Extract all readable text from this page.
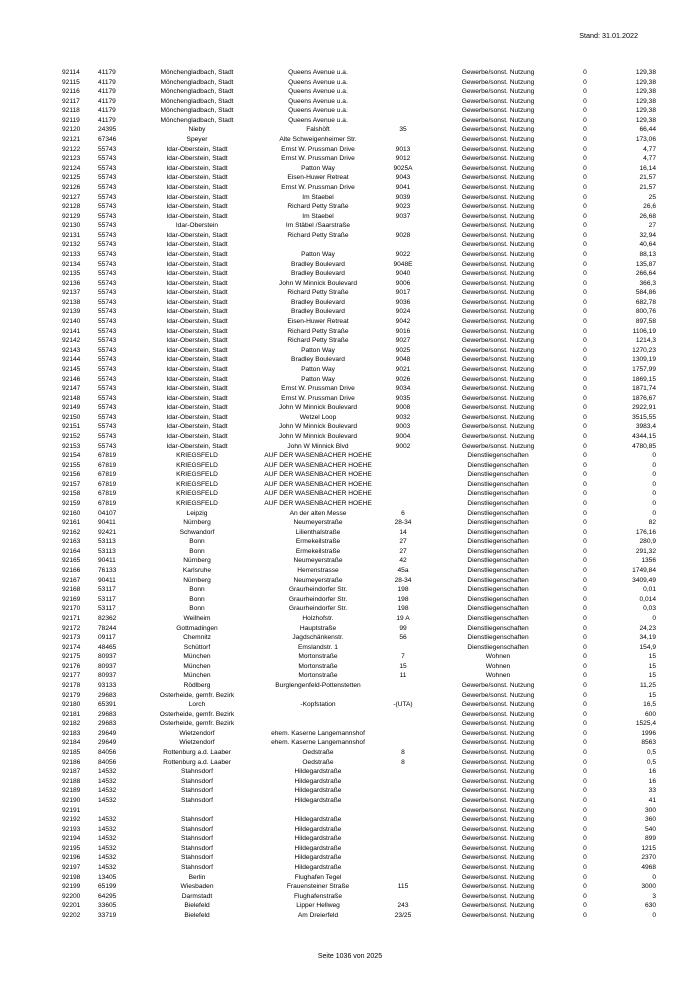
Stand: 31.01.2022
92114	41179	Mönchengladbach, Stadt	Queens Avenue u.a.		Gewerbe/sonst. Nutzung	0	129,38
92115	41179	Mönchengladbach, Stadt	Queens Avenue u.a.		Gewerbe/sonst. Nutzung	0	129,38
92116	41179	Mönchengladbach, Stadt	Queens Avenue u.a.		Gewerbe/sonst. Nutzung	0	129,38
92117	41179	Mönchengladbach, Stadt	Queens Avenue u.a.		Gewerbe/sonst. Nutzung	0	129,38
92118	41179	Mönchengladbach, Stadt	Queens Avenue u.a.		Gewerbe/sonst. Nutzung	0	129,38
92119	41179	Mönchengladbach, Stadt	Queens Avenue u.a.		Gewerbe/sonst. Nutzung	0	129,38
92120	24395	Nieby	Falshöft	35	Gewerbe/sonst. Nutzung	0	66,44
92121	67346	Speyer	Alte Schweigenheimer Str.		Gewerbe/sonst. Nutzung	0	173,06
92122	55743	Idar-Oberstein, Stadt	Ernst W. Prussman Drive	9013	Gewerbe/sonst. Nutzung	0	4,77
92123	55743	Idar-Oberstein, Stadt	Ernst W. Prussman Drive	9012	Gewerbe/sonst. Nutzung	0	4,77
92124	55743	Idar-Oberstein, Stadt	Patton Way	9025A	Gewerbe/sonst. Nutzung	0	16,14
92125	55743	Idar-Oberstein, Stadt	Eisen-Huwer Retreat	9043	Gewerbe/sonst. Nutzung	0	21,57
92126	55743	Idar-Oberstein, Stadt	Ernst W. Prussman Drive	9041	Gewerbe/sonst. Nutzung	0	21,57
92127	55743	Idar-Oberstein, Stadt	Im Staebel	9039	Gewerbe/sonst. Nutzung	0	25
92128	55743	Idar-Oberstein, Stadt	Richard Petty Straße	9023	Gewerbe/sonst. Nutzung	0	26,6
92129	55743	Idar-Oberstein, Stadt	Im Staebel	9037	Gewerbe/sonst. Nutzung	0	26,68
92130	55743	Idar-Oberstein	Im Stäbel /Saarstraße		Gewerbe/sonst. Nutzung	0	27
92131	55743	Idar-Oberstein, Stadt	Richard Petty Straße	9028	Gewerbe/sonst. Nutzung	0	32,94
92132	55743	Idar-Oberstein, Stadt			Gewerbe/sonst. Nutzung	0	40,64
92133	55743	Idar-Oberstein, Stadt	Patton Way	9022	Gewerbe/sonst. Nutzung	0	88,13
92134	55743	Idar-Oberstein, Stadt	Bradley Boulevard	9048E	Gewerbe/sonst. Nutzung	0	135,87
92135	55743	Idar-Oberstein, Stadt	Bradley Boulevard	9040	Gewerbe/sonst. Nutzung	0	266,64
92136	55743	Idar-Oberstein, Stadt	John W Minnick Boulevard	9006	Gewerbe/sonst. Nutzung	0	366,3
92137	55743	Idar-Oberstein, Stadt	Richard Petty Straße	9017	Gewerbe/sonst. Nutzung	0	584,86
92138	55743	Idar-Oberstein, Stadt	Bradley Boulevard	9036	Gewerbe/sonst. Nutzung	0	682,78
92139	55743	Idar-Oberstein, Stadt	Bradley Boulevard	9024	Gewerbe/sonst. Nutzung	0	800,76
92140	55743	Idar-Oberstein, Stadt	Eisen-Huwer Retreat	9042	Gewerbe/sonst. Nutzung	0	897,58
92141	55743	Idar-Oberstein, Stadt	Richard Petty Straße	9016	Gewerbe/sonst. Nutzung	0	1106,19
92142	55743	Idar-Oberstein, Stadt	Richard Petty Straße	9027	Gewerbe/sonst. Nutzung	0	1214,3
92143	55743	Idar-Oberstein, Stadt	Patton Way	9025	Gewerbe/sonst. Nutzung	0	1270,23
92144	55743	Idar-Oberstein, Stadt	Bradley Boulevard	9048	Gewerbe/sonst. Nutzung	0	1309,19
92145	55743	Idar-Oberstein, Stadt	Patton Way	9021	Gewerbe/sonst. Nutzung	0	1757,99
92146	55743	Idar-Oberstein, Stadt	Patton Way	9026	Gewerbe/sonst. Nutzung	0	1869,15
92147	55743	Idar-Oberstein, Stadt	Ernst W. Prussman Drive	9034	Gewerbe/sonst. Nutzung	0	1871,74
92148	55743	Idar-Oberstein, Stadt	Ernst W. Prussman Drive	9035	Gewerbe/sonst. Nutzung	0	1876,67
92149	55743	Idar-Oberstein, Stadt	John W Minnick Boulevard	9008	Gewerbe/sonst. Nutzung	0	2922,91
92150	55743	Idar-Oberstein, Stadt	Wetzel Loop	9032	Gewerbe/sonst. Nutzung	0	3515,55
92151	55743	Idar-Oberstein, Stadt	John W Minnick Boulevard	9003	Gewerbe/sonst. Nutzung	0	3983,4
92152	55743	Idar-Oberstein, Stadt	John W Minnick Boulevard	9004	Gewerbe/sonst. Nutzung	0	4344,15
92153	55743	Idar-Oberstein, Stadt	John W Minnick Blvd	9002	Gewerbe/sonst. Nutzung	0	4780,85
92154	67819	KRIEGSFELD	AUF DER WASENBACHER HOEHE		Dienstliegenschaften	0	0
92155	67819	KRIEGSFELD	AUF DER WASENBACHER HOEHE		Dienstliegenschaften	0	0
92156	67819	KRIEGSFELD	AUF DER WASENBACHER HOEHE		Dienstliegenschaften	0	0
92157	67819	KRIEGSFELD	AUF DER WASENBACHER HOEHE		Dienstliegenschaften	0	0
92158	67819	KRIEGSFELD	AUF DER WASENBACHER HOEHE		Dienstliegenschaften	0	0
92159	67819	KRIEGSFELD	AUF DER WASENBACHER HOEHE		Dienstliegenschaften	0	0
92160	04107	Leipzig	An der alten Messe	6	Dienstliegenschaften	0	0
92161	90411	Nürnberg	Neumeyerstraße	28-34	Dienstliegenschaften	0	82
92162	92421	Schwandorf	Lilienthalstraße	14	Dienstliegenschaften	0	176,16
92163	53113	Bonn	Ermekeilstraße	27	Dienstliegenschaften	0	280,9
92164	53113	Bonn	Ermekeilstraße	27	Dienstliegenschaften	0	291,32
92165	90411	Nürnberg	Neumeyerstraße	42	Dienstliegenschaften	0	1356
92166	76133	Karlsruhe	Herrenstrasse	45a	Dienstliegenschaften	0	1749,84
92167	90411	Nürnberg	Neumeyerstraße	28-34	Dienstliegenschaften	0	3409,49
92168	53117	Bonn	Graurheindorfer Str.	198	Dienstliegenschaften	0	0,01
92169	53117	Bonn	Graurheindorfer Str.	198	Dienstliegenschaften	0	0,014
92170	53117	Bonn	Graurheindorfer Str.	198	Dienstliegenschaften	0	0,03
92171	82362	Weilheim	Holzhofstr.	19 A	Dienstliegenschaften	0	0
92172	78244	Gottmadingen	Hauptstraße	99	Dienstliegenschaften	0	24,23
92173	09117	Chemnitz	Jagdschänkenstr.	56	Dienstliegenschaften	0	34,19
92174	48465	Schüttorf	Emslandstr. 1		Dienstliegenschaften	0	154,9
92175	80937	München	Mortonstraße	7	Wohnen	0	15
92176	80937	München	Mortonstraße	15	Wohnen	0	15
92177	80937	München	Mortonstraße	11	Wohnen	0	15
92178	93133	Rödlberg	Burglengenfeld-Pottenstetten		Gewerbe/sonst. Nutzung	0	11,25
92179	29683	Osterheide, gemfr. Bezirk			Gewerbe/sonst. Nutzung	0	15
92180	65391	Lorch	-Kopfstation	-(UTA)	Gewerbe/sonst. Nutzung	0	16,5
92181	29683	Osterheide, gemfr. Bezirk			Gewerbe/sonst. Nutzung	0	600
92182	29683	Osterheide, gemfr. Bezirk			Gewerbe/sonst. Nutzung	0	1525,4
92183	29649	Wietzendorf	ehem. Kaserne Langemannshof		Gewerbe/sonst. Nutzung	0	1996
92184	29649	Wietzendorf	ehem. Kaserne Langemannshof		Gewerbe/sonst. Nutzung	0	8563
92185	84056	Rottenburg a.d. Laaber	Oedstraße	8	Gewerbe/sonst. Nutzung	0	0,5
92186	84056	Rottenburg a.d. Laaber	Oedstraße	8	Gewerbe/sonst. Nutzung	0	0,5
92187	14532	Stahnsdorf	Hildegardstraße		Gewerbe/sonst. Nutzung	0	16
92188	14532	Stahnsdorf	Hildegardstraße		Gewerbe/sonst. Nutzung	0	16
92189	14532	Stahnsdorf	Hildegardstraße		Gewerbe/sonst. Nutzung	0	33
92190	14532	Stahnsdorf	Hildegardstraße		Gewerbe/sonst. Nutzung	0	41
92191					Gewerbe/sonst. Nutzung	0	300
92192	14532	Stahnsdorf	Hildegardstraße		Gewerbe/sonst. Nutzung	0	360
92193	14532	Stahnsdorf	Hildegardstraße		Gewerbe/sonst. Nutzung	0	540
92194	14532	Stahnsdorf	Hildegardstraße		Gewerbe/sonst. Nutzung	0	899
92195	14532	Stahnsdorf	Hildegardstraße		Gewerbe/sonst. Nutzung	0	1215
92196	14532	Stahnsdorf	Hildegardstraße		Gewerbe/sonst. Nutzung	0	2370
92197	14532	Stahnsdorf	Hildegardstraße		Gewerbe/sonst. Nutzung	0	4968
92198	13405	Berlin	Flughafen Tegel		Gewerbe/sonst. Nutzung	0	0
92199	65199	Wiesbaden	Frauensteiner Straße	115	Gewerbe/sonst. Nutzung	0	3000
92200	64295	Darmstadt	Flughafenstraße		Gewerbe/sonst. Nutzung	0	3
92201	33605	Bielefeld	Lipper Hellweg	243	Gewerbe/sonst. Nutzung	0	630
92202	33719	Bielefeld	Am Dreierfeld	23/25	Gewerbe/sonst. Nutzung	0	0
Seite 1036 von 2025
